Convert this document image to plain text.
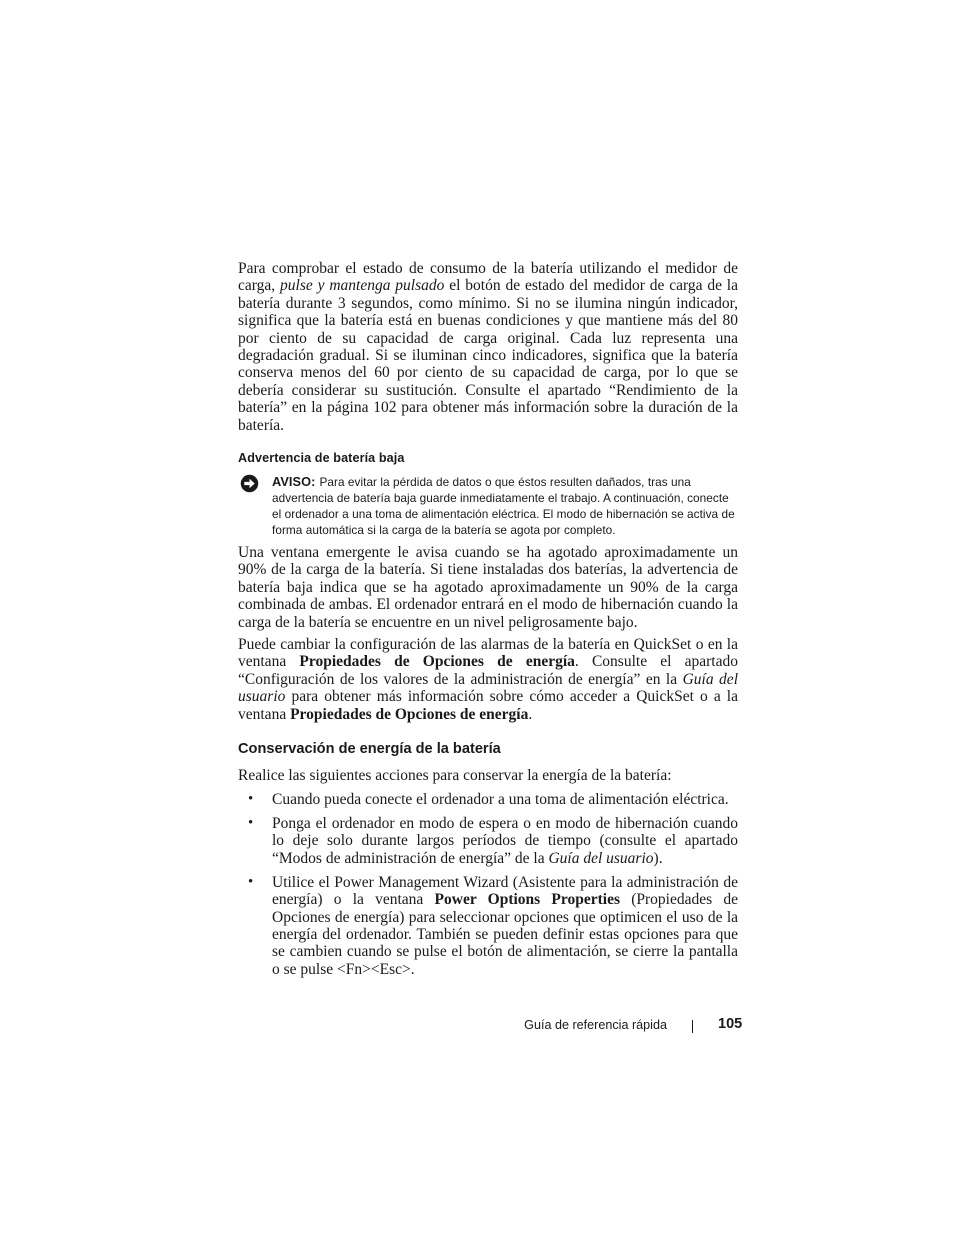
Para comprobar el estado de consumo de la batería utilizando el medidor de carga, pulse y mantenga pulsado el botón de estado del medidor de carga de la batería durante 3 segundos, como mínimo. Si no se ilumina ningún indicador, significa que la batería está en buenas condiciones y que mantiene más del 80 por ciento de su capacidad de carga original. Cada luz representa una degradación gradual. Si se iluminan cinco indicadores, significa que la batería conserva menos del 60 por ciento de su capacidad de carga, por lo que se debería considerar su sustitución. Consulte el apartado “Rendimiento de la batería” en la página 102 para obtener más información sobre la duración de la batería.

Advertencia de batería baja
AVISO: Para evitar la pérdida de datos o que éstos resulten dañados, tras una advertencia de batería baja guarde inmediatamente el trabajo. A continuación, conecte el ordenador a una toma de alimentación eléctrica. El modo de hibernación se activa de forma automática si la carga de la batería se agota por completo.

Una ventana emergente le avisa cuando se ha agotado aproximadamente un 90% de la carga de la batería. Si tiene instaladas dos baterías, la advertencia de batería baja indica que se ha agotado aproximadamente un 90% de la carga combinada de ambas. El ordenador entrará en el modo de hibernación cuando la carga de la batería se encuentre en un nivel peligrosamente bajo.

Puede cambiar la configuración de las alarmas de la batería en QuickSet o en la ventana Propiedades de Opciones de energía. Consulte el apartado “Configuración de los valores de la administración de energía” en la Guía del usuario para obtener más información sobre cómo acceder a QuickSet o a la ventana Propiedades de Opciones de energía.

Conservación de energía de la batería

Realice las siguientes acciones para conservar la energía de la batería:

• Cuando pueda conecte el ordenador a una toma de alimentación eléctrica.

• Ponga el ordenador en modo de espera o en modo de hibernación cuando lo deje solo durante largos períodos de tiempo (consulte el apartado “Modos de administración de energía” de la Guía del usuario).

• Utilice el Power Management Wizard (Asistente para la administración de energía) o la ventana Power Options Properties (Propiedades de Opciones de energía) para seleccionar opciones que optimicen el uso de la energía del ordenador. También se pueden definir estas opciones para que se cambien cuando se pulse el botón de alimentación, se cierre la pantalla o se pulse <Fn><Esc>.

Guía de referencia rápida	105
